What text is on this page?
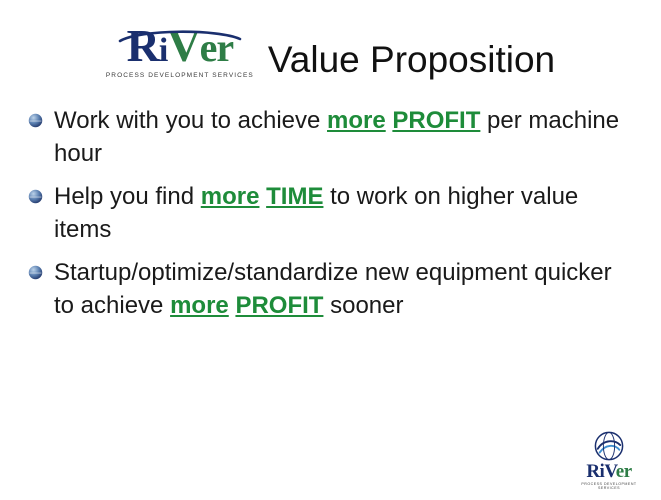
R i V er
PROCESS DEVELOPMENT SERVICES Value Proposition
Work with you to achieve more PROFIT per machine hour
Help you find more TIME to work on higher value items
Startup/optimize/standardize new equipment quicker to achieve more PROFIT sooner
RiVer
PROCESS DEVELOPMENT SERVICES
